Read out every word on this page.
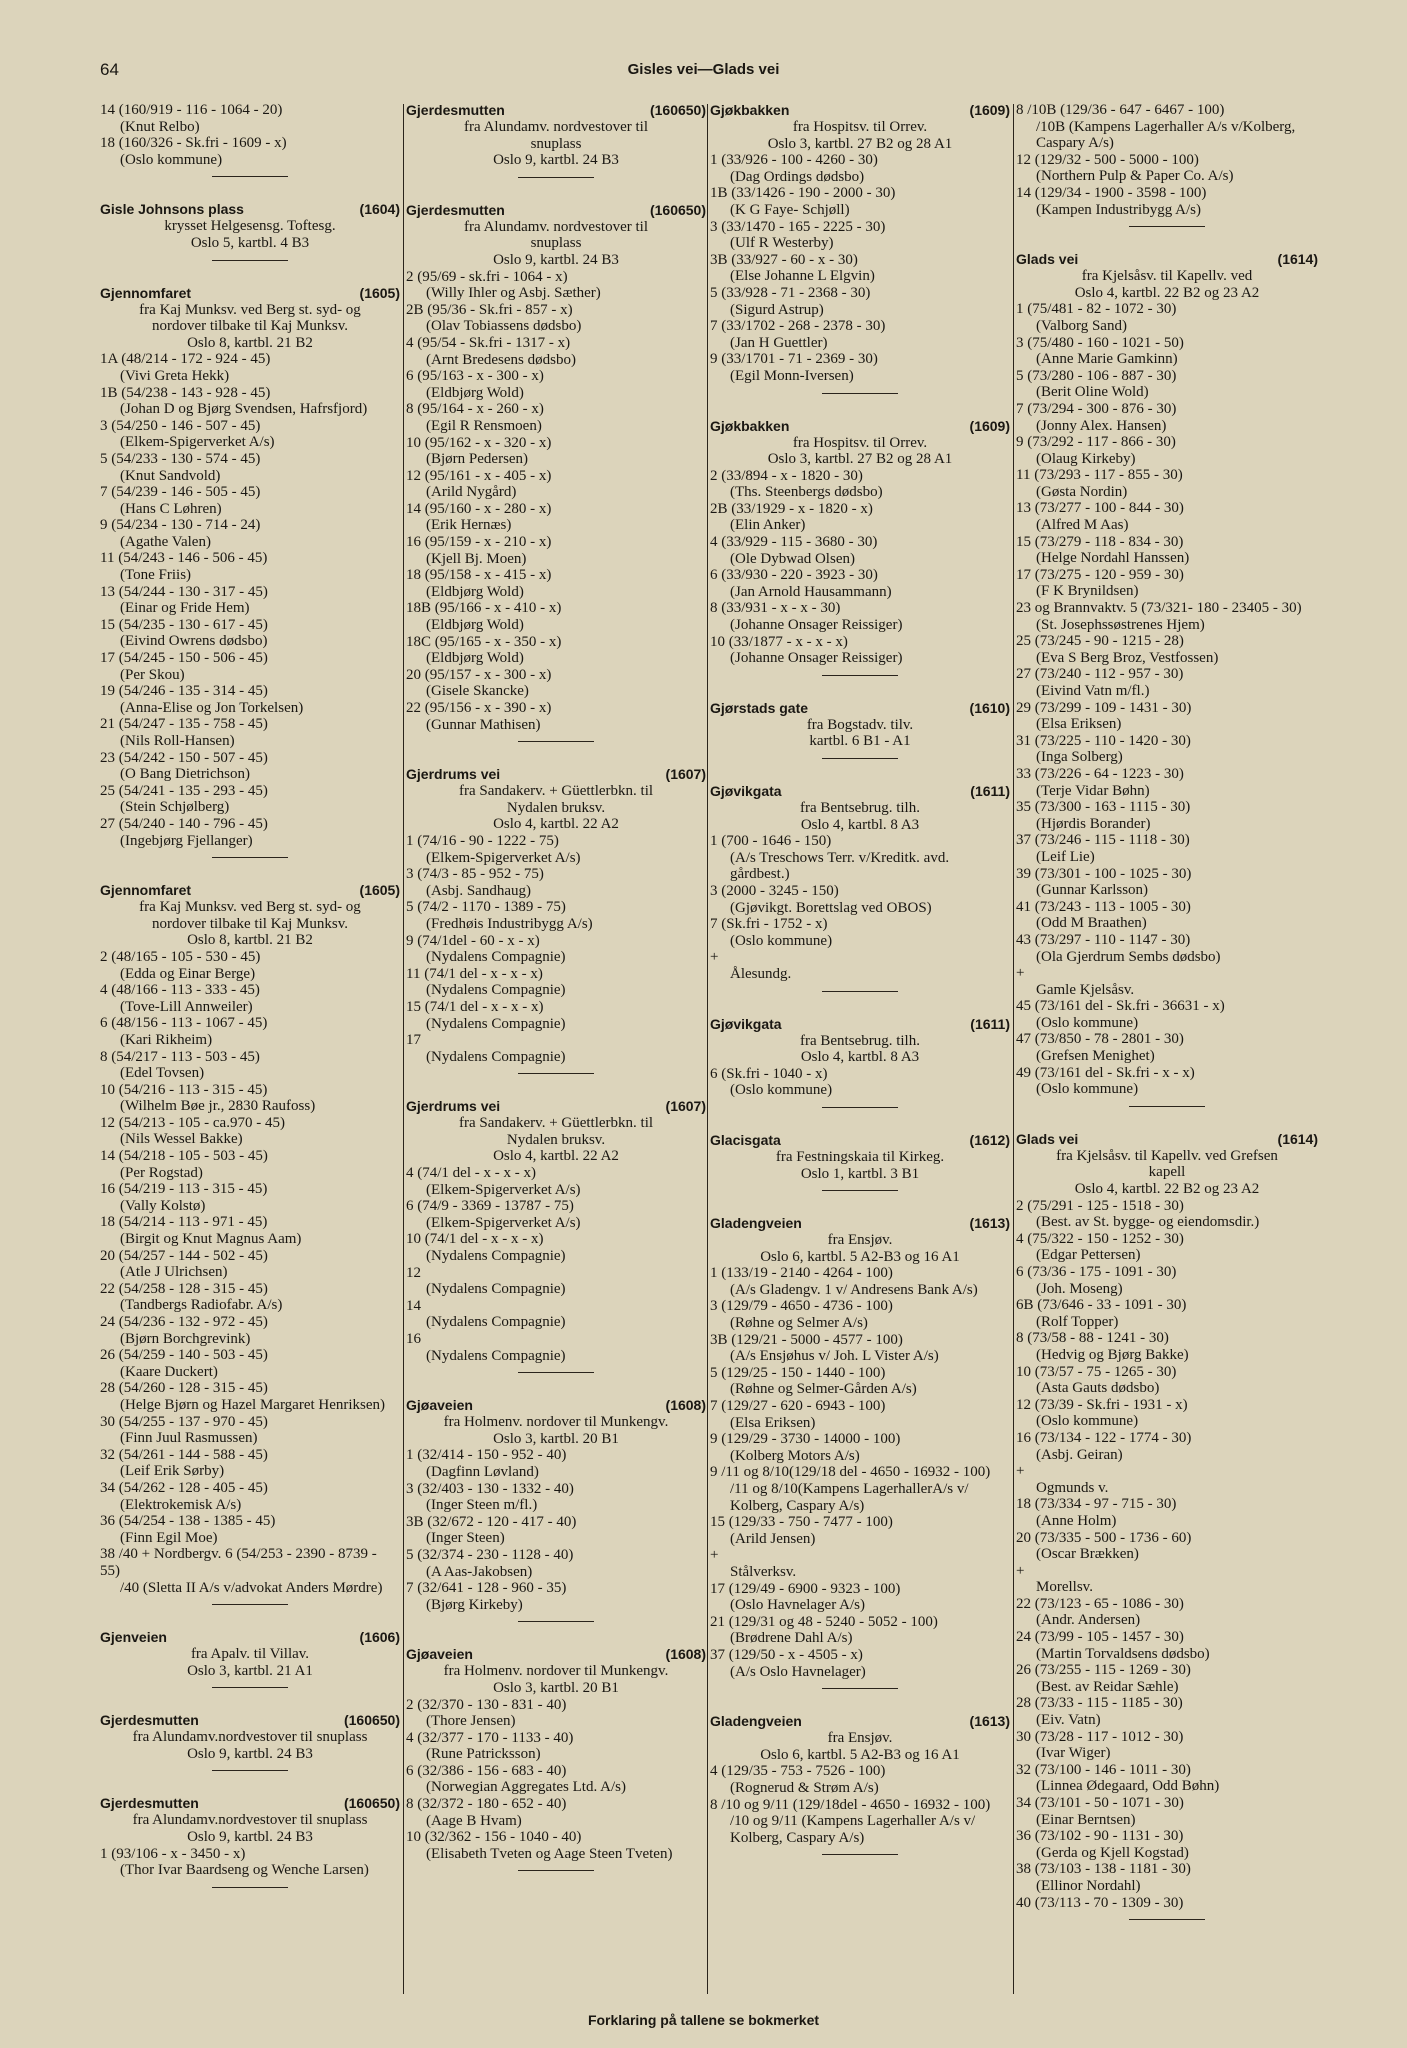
64	Gisles vei—Glads vei
14 (160/919 - 116 - 1064 - 20)
(Knut Relbo)
18 (160/326 - Sk.fri - 1609 - x)
(Oslo kommune)
Gisle Johnsons plass	(1604)
krysset Helgesensg. Toftesg.
Oslo 5, kartbl. 4 B3
Gjennomfaret	(1605)
fra Kaj Munksv. ved Berg st. syd- og
nordover tilbake til Kaj Munksv.
Oslo 8, kartbl. 21 B2
1A (48/214 - 172 - 924 - 45)
(Vivi Greta Hekk)
1B (54/238 - 143 - 928 - 45)
(Johan D og Bjørg Svendsen, Hafrsfjord)
3 (54/250 - 146 - 507 - 45)
(Elkem-Spigerverket A/s)
5 (54/233 - 130 - 574 - 45)
(Knut Sandvold)
7 (54/239 - 146 - 505 - 45)
(Hans C Løhren)
9 (54/234 - 130 - 714 - 24)
(Agathe Valen)
11 (54/243 - 146 - 506 - 45)
(Tone Friis)
13 (54/244 - 130 - 317 - 45)
(Einar og Fride Hem)
15 (54/235 - 130 - 617 - 45)
(Eivind Owrens dødsbo)
17 (54/245 - 150 - 506 - 45)
(Per Skou)
19 (54/246 - 135 - 314 - 45)
(Anna-Elise og Jon Torkelsen)
21 (54/247 - 135 - 758 - 45)
(Nils Roll-Hansen)
23 (54/242 - 150 - 507 - 45)
(O Bang Dietrichson)
25 (54/241 - 135 - 293 - 45)
(Stein Schjølberg)
27 (54/240 - 140 - 796 - 45)
(Ingebjørg Fjellanger)
Gjennomfaret	(1605)
fra Kaj Munksv. ved Berg st. syd- og
nordover tilbake til Kaj Munksv.
Oslo 8, kartbl. 21 B2
2 (48/165 - 105 - 530 - 45)
(Edda og Einar Berge)
4 (48/166 - 113 - 333 - 45)
(Tove-Lill Annweiler)
6 (48/156 - 113 - 1067 - 45)
(Kari Rikheim)
8 (54/217 - 113 - 503 - 45)
(Edel Tovsen)
10 (54/216 - 113 - 315 - 45)
(Wilhelm Bøe jr., 2830 Raufoss)
12 (54/213 - 105 - ca.970 - 45)
(Nils Wessel Bakke)
14 (54/218 - 105 - 503 - 45)
(Per Rogstad)
16 (54/219 - 113 - 315 - 45)
(Vally Kolstø)
18 (54/214 - 113 - 971 - 45)
(Birgit og Knut Magnus Aam)
20 (54/257 - 144 - 502 - 45)
(Atle J Ulrichsen)
22 (54/258 - 128 - 315 - 45)
(Tandbergs Radiofabr. A/s)
24 (54/236 - 132 - 972 - 45)
(Bjørn Borchgrevink)
26 (54/259 - 140 - 503 - 45)
(Kaare Duckert)
28 (54/260 - 128 - 315 - 45)
(Helge Bjørn og Hazel Margaret Henriksen)
30 (54/255 - 137 - 970 - 45)
(Finn Juul Rasmussen)
32 (54/261 - 144 - 588 - 45)
(Leif Erik Sørby)
34 (54/262 - 128 - 405 - 45)
(Elektrokemisk A/s)
36 (54/254 - 138 - 1385 - 45)
(Finn Egil Moe)
38 /40 + Nordbergv. 6 (54/253 - 2390 - 8739 - 55)
/40 (Sletta II A/s v/advokat Anders Mørdre)
Gjenveien	(1606)
fra Apalv. til Villav.
Oslo 3, kartbl. 21 A1
Gjerdesmutten	(160650)
fra Alundamv.nordvestover til snuplass
Oslo 9, kartbl. 24 B3
Gjerdesmutten	(160650)
fra Alundamv.nordvestover til snuplass
Oslo 9, kartbl. 24 B3
1 (93/106 - x - 3450 - x)
(Thor Ivar Baardseng og Wenche Larsen)
Gjerdesmutten	(160650)
fra Alundamv. nordvestover til
snuplass
Oslo 9, kartbl. 24 B3
Gjerdesmutten	(160650)
fra Alundamv. nordvestover til
snuplass
Oslo 9, kartbl. 24 B3
2 (95/69 - sk.fri - 1064 - x)
(Willy Ihler og Asbj. Sæther)
2B (95/36 - Sk.fri - 857 - x)
(Olav Tobiassens dødsbo)
4 (95/54 - Sk.fri - 1317 - x)
(Arnt Bredesens dødsbo)
6 (95/163 - x - 300 - x)
(Eldbjørg Wold)
8 (95/164 - x - 260 - x)
(Egil R Rensmoen)
10 (95/162 - x - 320 - x)
(Bjørn Pedersen)
12 (95/161 - x - 405 - x)
(Arild Nygård)
14 (95/160 - x - 280 - x)
(Erik Hernæs)
16 (95/159 - x - 210 - x)
(Kjell Bj. Moen)
18 (95/158 - x - 415 - x)
(Eldbjørg Wold)
18B (95/166 - x - 410 - x)
(Eldbjørg Wold)
18C (95/165 - x - 350 - x)
(Eldbjørg Wold)
20 (95/157 - x - 300 - x)
(Gisele Skancke)
22 (95/156 - x - 390 - x)
(Gunnar Mathisen)
Gjerdrums vei	(1607)
fra Sandakerv. + Güettlerbkn. til
Nydalen bruksv.
Oslo 4, kartbl. 22 A2
1 (74/16 - 90 - 1222 - 75)
(Elkem-Spigerverket A/s)
3 (74/3 - 85 - 952 - 75)
(Asbj. Sandhaug)
5 (74/2 - 1170 - 1389 - 75)
(Fredhøis Industribygg A/s)
9 (74/1del - 60 - x - x)
(Nydalens Compagnie)
11 (74/1 del - x - x - x)
(Nydalens Compagnie)
15 (74/1 del - x - x - x)
(Nydalens Compagnie)
17
(Nydalens Compagnie)
Gjerdrums vei	(1607)
fra Sandakerv. + Güettlerbkn. til
Nydalen bruksv.
Oslo 4, kartbl. 22 A2
4 (74/1 del - x - x - x)
(Elkem-Spigerverket A/s)
6 (74/9 - 3369 - 13787 - 75)
(Elkem-Spigerverket A/s)
10 (74/1 del - x - x - x)
(Nydalens Compagnie)
12
(Nydalens Compagnie)
14
(Nydalens Compagnie)
16
(Nydalens Compagnie)
Gjøaveien	(1608)
fra Holmenv. nordover til Munkengv.
Oslo 3, kartbl. 20 B1
1 (32/414 - 150 - 952 - 40)
(Dagfinn Løvland)
3 (32/403 - 130 - 1332 - 40)
(Inger Steen m/fl.)
3B (32/672 - 120 - 417 - 40)
(Inger Steen)
5 (32/374 - 230 - 1128 - 40)
(A Aas-Jakobsen)
7 (32/641 - 128 - 960 - 35)
(Bjørg Kirkeby)
Gjøaveien	(1608)
fra Holmenv. nordover til Munkengv.
Oslo 3, kartbl. 20 B1
2 (32/370 - 130 - 831 - 40)
(Thore Jensen)
4 (32/377 - 170 - 1133 - 40)
(Rune Patricksson)
6 (32/386 - 156 - 683 - 40)
(Norwegian Aggregates Ltd. A/s)
8 (32/372 - 180 - 652 - 40)
(Aage B Hvam)
10 (32/362 - 156 - 1040 - 40)
(Elisabeth Tveten og Aage Steen Tveten)
Gjøkbakken	(1609)
fra Hospitsv. til Orrev.
Oslo 3, kartbl. 27 B2 og 28 A1
1 (33/926 - 100 - 4260 - 30)
(Dag Ordings dødsbo)
1B (33/1426 - 190 - 2000 - 30)
(K G Faye- Schjøll)
3 (33/1470 - 165 - 2225 - 30)
(Ulf R Westerby)
3B (33/927 - 60 - x - 30)
(Else Johanne L Elgvin)
5 (33/928 - 71 - 2368 - 30)
(Sigurd Astrup)
7 (33/1702 - 268 - 2378 - 30)
(Jan H Guettler)
9 (33/1701 - 71 - 2369 - 30)
(Egil Monn-Iversen)
Gjøkbakken	(1609)
fra Hospitsv. til Orrev.
Oslo 3, kartbl. 27 B2 og 28 A1
2 (33/894 - x - 1820 - 30)
(Ths. Steenbergs dødsbo)
2B (33/1929 - x - 1820 - x)
(Elin Anker)
4 (33/929 - 115 - 3680 - 30)
(Ole Dybwad Olsen)
6 (33/930 - 220 - 3923 - 30)
(Jan Arnold Hausammann)
8 (33/931 - x - x - 30)
(Johanne Onsager Reissiger)
10 (33/1877 - x - x - x)
(Johanne Onsager Reissiger)
Gjørstads gate	(1610)
fra Bogstadv. tilv.
kartbl. 6 B1 - A1
Gjøvikgata	(1611)
fra Bentsebrug. tilh.
Oslo 4, kartbl. 8 A3
1 (700 - 1646 - 150)
(A/s Treschows Terr. v/Kreditk. avd. gårdbest.)
3 (2000 - 3245 - 150)
(Gjøvikgt. Borettslag ved OBOS)
7 (Sk.fri - 1752 - x)
(Oslo kommune)
+
Ålesundg.
Gjøvikgata	(1611)
fra Bentsebrug. tilh.
Oslo 4, kartbl. 8 A3
6 (Sk.fri - 1040 - x)
(Oslo kommune)
Glacisgata	(1612)
fra Festningskaia til Kirkeg.
Oslo 1, kartbl. 3 B1
Gladengveien	(1613)
fra Ensjøv.
Oslo 6, kartbl. 5 A2-B3 og 16 A1
1 (133/19 - 2140 - 4264 - 100)
(A/s Gladengv. 1 v/ Andresens Bank A/s)
3 (129/79 - 4650 - 4736 - 100)
(Røhne og Selmer A/s)
3B (129/21 - 5000 - 4577 - 100)
(A/s Ensjøhus v/ Joh. L Vister A/s)
5 (129/25 - 150 - 1440 - 100)
(Røhne og Selmer-Gården A/s)
7 (129/27 - 620 - 6943 - 100)
(Elsa Eriksen)
9 (129/29 - 3730 - 14000 - 100)
(Kolberg Motors A/s)
9 /11 og 8/10(129/18 del - 4650 - 16932 - 100)
/11 og 8/10(Kampens LagerhallerA/s v/ Kolberg, Caspary A/s)
15 (129/33 - 750 - 7477 - 100)
(Arild Jensen)
+
Stålverksv.
17 (129/49 - 6900 - 9323 - 100)
(Oslo Havnelager A/s)
21 (129/31 og 48 - 5240 - 5052 - 100)
(Brødrene Dahl A/s)
37 (129/50 - x - 4505 - x)
(A/s Oslo Havnelager)
Gladengveien	(1613)
fra Ensjøv.
Oslo 6, kartbl. 5 A2-B3 og 16 A1
4 (129/35 - 753 - 7526 - 100)
(Rognerud & Strøm A/s)
8 /10 og 9/11 (129/18del - 4650 - 16932 - 100)
/10 og 9/11 (Kampens Lagerhaller A/s v/ Kolberg, Caspary A/s)
8 /10B (129/36 - 647 - 6467 - 100)
/10B (Kampens Lagerhaller A/s v/Kolberg, Caspary A/s)
12 (129/32 - 500 - 5000 - 100)
(Northern Pulp & Paper Co. A/s)
14 (129/34 - 1900 - 3598 - 100)
(Kampen Industribygg A/s)
Glads vei	(1614)
fra Kjelsåsv. til Kapellv. ved
Oslo 4, kartbl. 22 B2 og 23 A2
1 (75/481 - 82 - 1072 - 30)
(Valborg Sand)
3 (75/480 - 160 - 1021 - 50)
(Anne Marie Gamkinn)
5 (73/280 - 106 - 887 - 30)
(Berit Oline Wold)
7 (73/294 - 300 - 876 - 30)
(Jonny Alex. Hansen)
9 (73/292 - 117 - 866 - 30)
(Olaug Kirkeby)
11 (73/293 - 117 - 855 - 30)
(Gøsta Nordin)
13 (73/277 - 100 - 844 - 30)
(Alfred M Aas)
15 (73/279 - 118 - 834 - 30)
(Helge Nordahl Hanssen)
17 (73/275 - 120 - 959 - 30)
(F K Brynildsen)
23 og Brannvaktv. 5 (73/321- 180 - 23405 - 30)
(St. Josephssøstrenes Hjem)
25 (73/245 - 90 - 1215 - 28)
(Eva S Berg Broz, Vestfossen)
27 (73/240 - 112 - 957 - 30)
(Eivind Vatn m/fl.)
29 (73/299 - 109 - 1431 - 30)
(Elsa Eriksen)
31 (73/225 - 110 - 1420 - 30)
(Inga Solberg)
33 (73/226 - 64 - 1223 - 30)
(Terje Vidar Bøhn)
35 (73/300 - 163 - 1115 - 30)
(Hjørdis Borander)
37 (73/246 - 115 - 1118 - 30)
(Leif Lie)
39 (73/301 - 100 - 1025 - 30)
(Gunnar Karlsson)
41 (73/243 - 113 - 1005 - 30)
(Odd M Braathen)
43 (73/297 - 110 - 1147 - 30)
(Ola Gjerdrum Sembs dødsbo)
+
Gamle Kjelsåsv.
45 (73/161 del - Sk.fri - 36631 - x)
(Oslo kommune)
47 (73/850 - 78 - 2801 - 30)
(Grefsen Menighet)
49 (73/161 del - Sk.fri - x - x)
(Oslo kommune)
Glads vei	(1614)
fra Kjelsåsv. til Kapellv. ved Grefsen
kapell
Oslo 4, kartbl. 22 B2 og 23 A2
2 (75/291 - 125 - 1518 - 30)
(Best. av St. bygge- og eiendomsdir.)
4 (75/322 - 150 - 1252 - 30)
(Edgar Pettersen)
6 (73/36 - 175 - 1091 - 30)
(Joh. Moseng)
6B (73/646 - 33 - 1091 - 30)
(Rolf Topper)
8 (73/58 - 88 - 1241 - 30)
(Hedvig og Bjørg Bakke)
10 (73/57 - 75 - 1265 - 30)
(Asta Gauts dødsbo)
12 (73/39 - Sk.fri - 1931 - x)
(Oslo kommune)
16 (73/134 - 122 - 1774 - 30)
(Asbj. Geiran)
+
Ogmunds v.
18 (73/334 - 97 - 715 - 30)
(Anne Holm)
20 (73/335 - 500 - 1736 - 60)
(Oscar Brækken)
+
Morellsv.
22 (73/123 - 65 - 1086 - 30)
(Andr. Andersen)
24 (73/99 - 105 - 1457 - 30)
(Martin Torvaldsens dødsbo)
26 (73/255 - 115 - 1269 - 30)
(Best. av Reidar Sæhle)
28 (73/33 - 115 - 1185 - 30)
(Eiv. Vatn)
30 (73/28 - 117 - 1012 - 30)
(Ivar Wiger)
32 (73/100 - 146 - 1011 - 30)
(Linnea Ødegaard, Odd Bøhn)
34 (73/101 - 50 - 1071 - 30)
(Einar Berntsen)
36 (73/102 - 90 - 1131 - 30)
(Gerda og Kjell Kogstad)
38 (73/103 - 138 - 1181 - 30)
(Ellinor Nordahl)
40 (73/113 - 70 - 1309 - 30)
Forklaring på tallene se bokmerket
